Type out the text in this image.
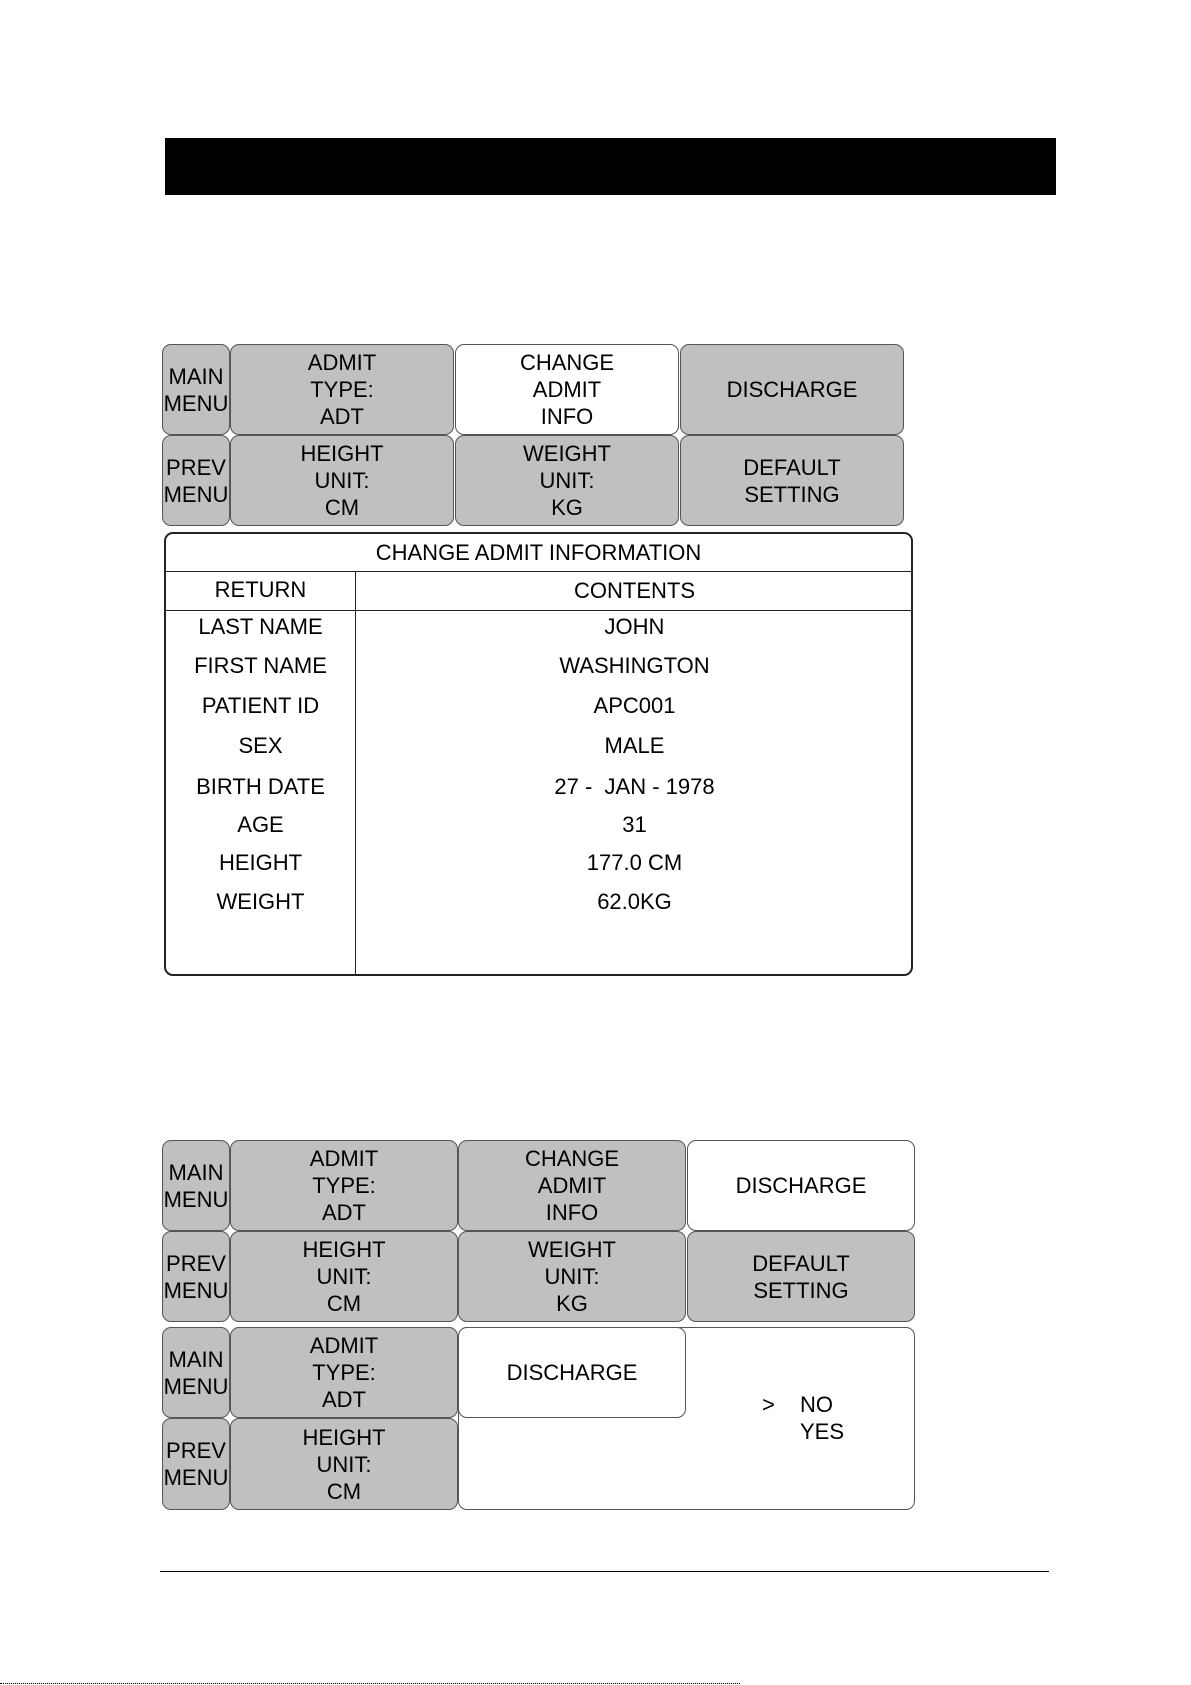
MAIN
MENU
ADMIT
TYPE:
ADT
CHANGE
ADMIT
INFO
DISCHARGE
PREV
MENU
HEIGHT
UNIT:
CM
WEIGHT
UNIT:
KG
DEFAULT
SETTING
CHANGE ADMIT INFORMATION
RETURN	CONTENTS
LAST NAME	JOHN
FIRST NAME	WASHINGTON
PATIENT ID	APC001
SEX	MALE
BIRTH DATE	27 -  JAN - 1978
AGE	31
HEIGHT	177.0 CM
WEIGHT	62.0KG
MAIN
MENU
ADMIT
TYPE:
ADT
CHANGE
ADMIT
INFO
DISCHARGE
PREV
MENU
HEIGHT
UNIT:
CM
WEIGHT
UNIT:
KG
DEFAULT
SETTING
MAIN
MENU
ADMIT
TYPE:
ADT
DISCHARGE
PREV
MENU
HEIGHT
UNIT:
CM
>	NO
YES
